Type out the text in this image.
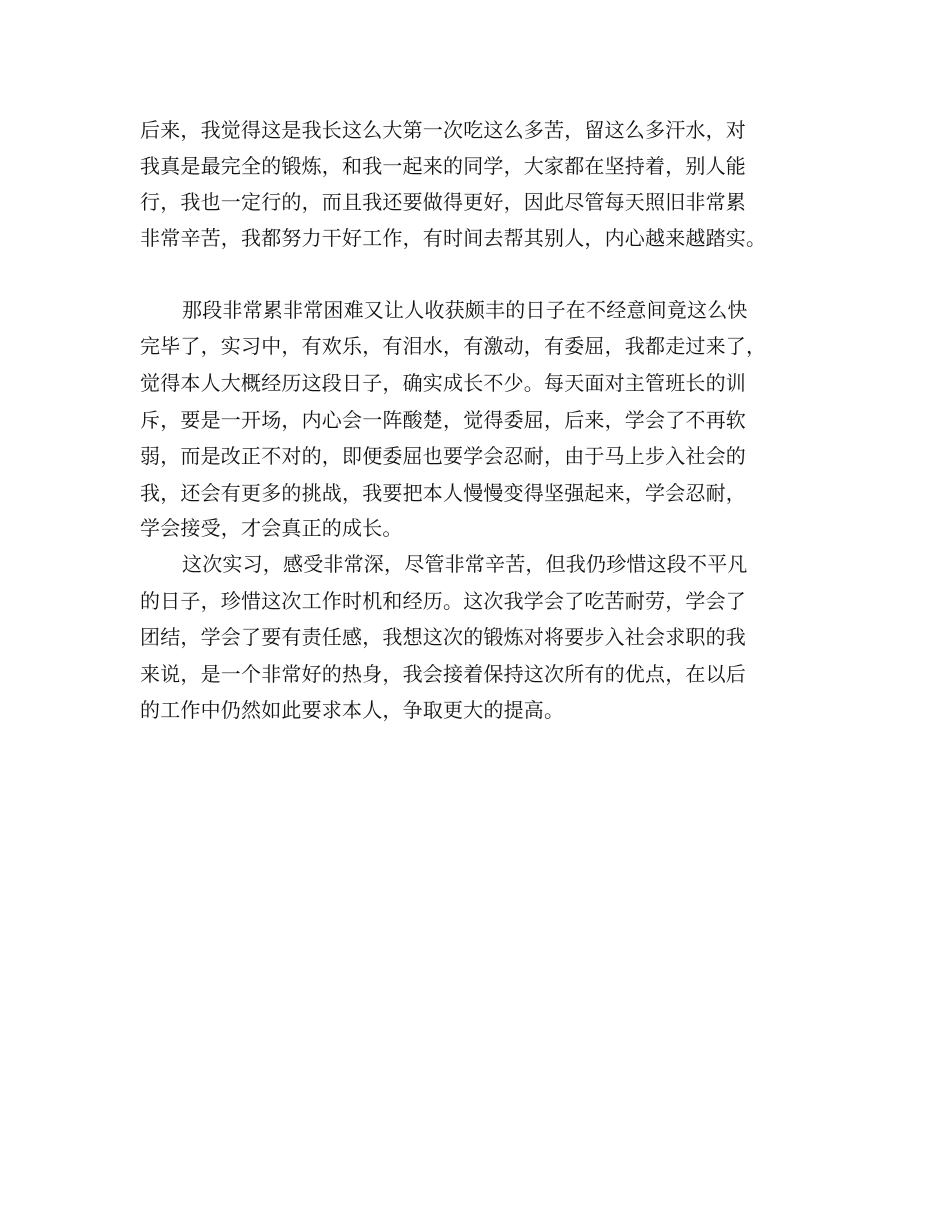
后来，我觉得这是我长这么大第一次吃这么多苦，留这么多汗水，对

我真是最完全的锻炼，和我一起来的同学，大家都在坚持着，别人能

行，我也一定行的，而且我还要做得更好，因此尽管每天照旧非常累

非常辛苦，我都努力干好工作，有时间去帮其别人，内心越来越踏实。

那段非常累非常困难又让人收获颇丰的日子在不经意间竟这么快

完毕了，实习中，有欢乐，有泪水，有激动，有委屈，我都走过来了，

觉得本人大概经历这段日子，确实成长不少。每天面对主管班长的训

斥，要是一开场，内心会一阵酸楚，觉得委屈，后来，学会了不再软

弱，而是改正不对的，即便委屈也要学会忍耐，由于马上步入社会的

我，还会有更多的挑战，我要把本人慢慢变得坚强起来，学会忍耐，

学会接受，才会真正的成长。

这次实习，感受非常深，尽管非常辛苦，但我仍珍惜这段不平凡

的日子，珍惜这次工作时机和经历。这次我学会了吃苦耐劳，学会了

团结，学会了要有责任感，我想这次的锻炼对将要步入社会求职的我

来说，是一个非常好的热身，我会接着保持这次所有的优点，在以后

的工作中仍然如此要求本人，争取更大的提高。
